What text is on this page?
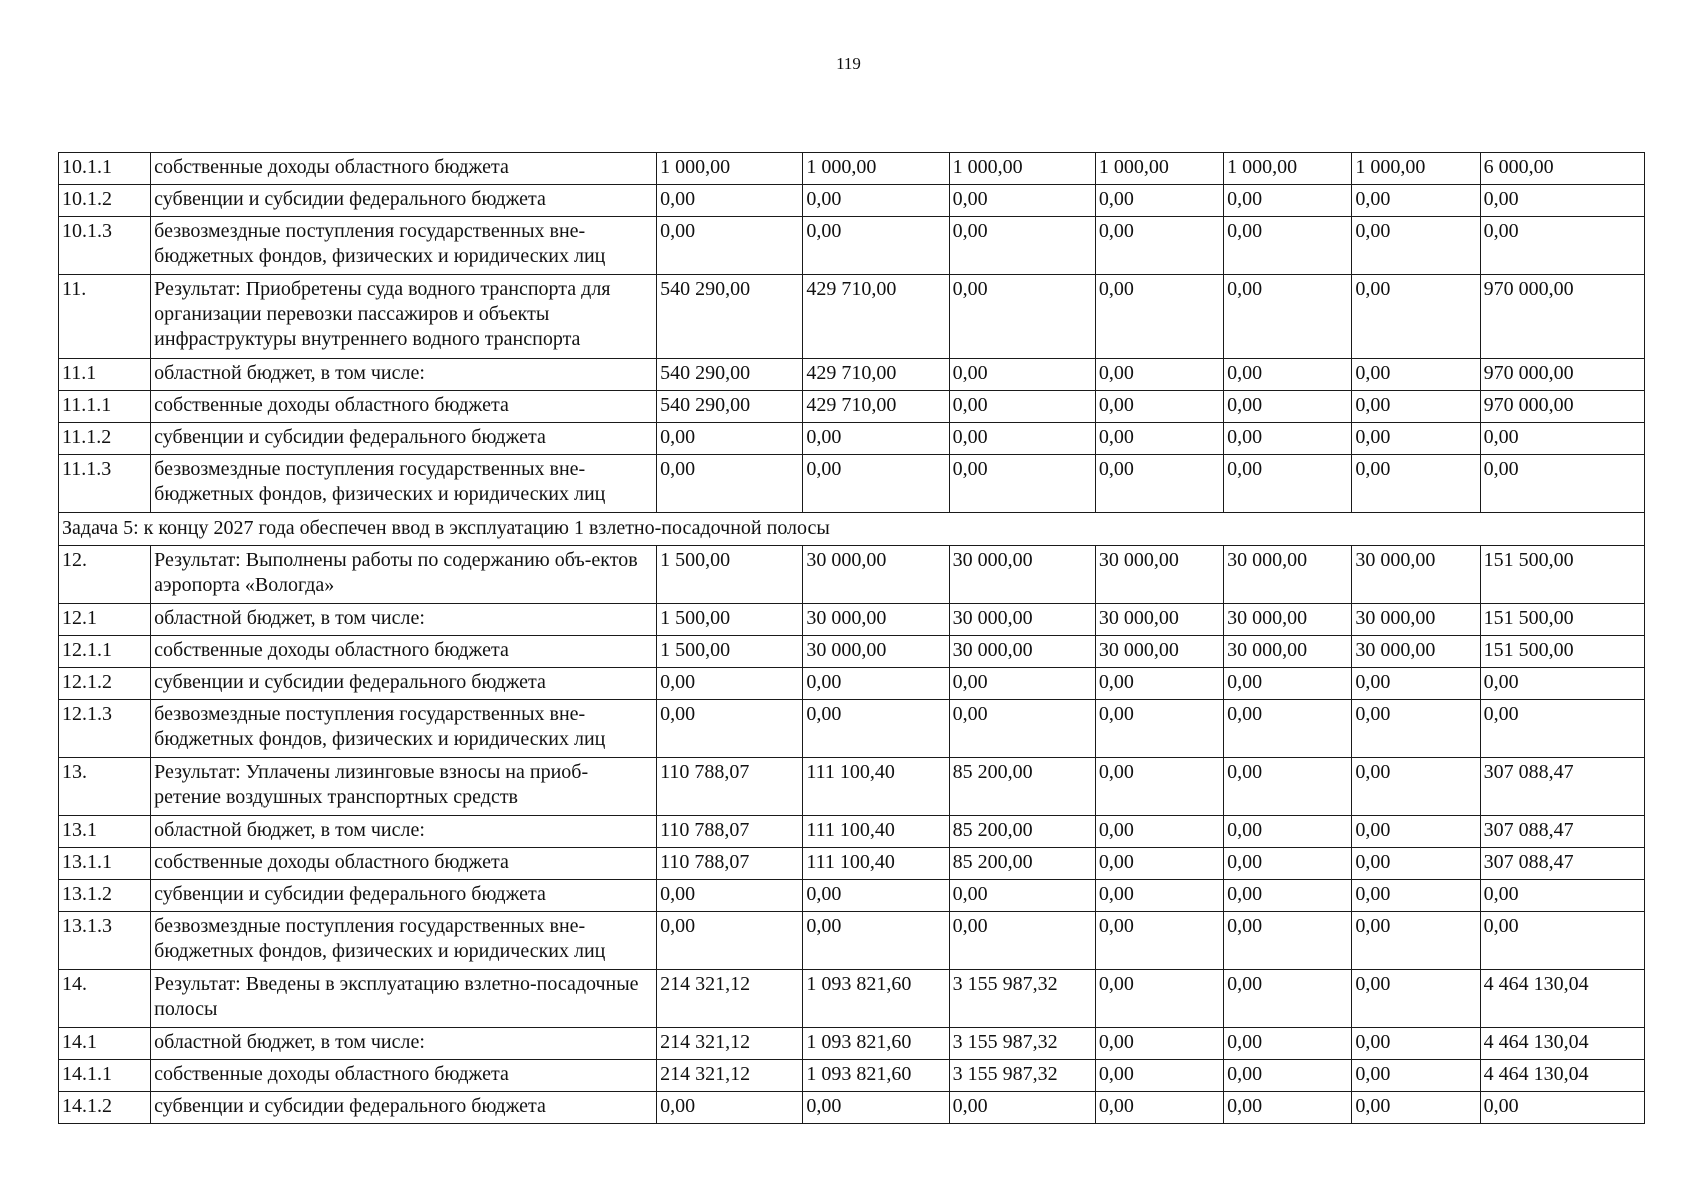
119
10.1.1	собственные доходы областного бюджета	1 000,00	1 000,00	1 000,00	1 000,00	1 000,00	1 000,00	6 000,00
10.1.2	субвенции и субсидии федерального бюджета	0,00	0,00	0,00	0,00	0,00	0,00	0,00
10.1.3	безвозмездные поступления государственных вне-бюджетных фондов, физических и юридических лиц	0,00	0,00	0,00	0,00	0,00	0,00	0,00
11.	Результат: Приобретены суда водного транспорта для организации перевозки пассажиров и объекты инфраструктуры внутреннего водного транспорта	540 290,00	429 710,00	0,00	0,00	0,00	0,00	970 000,00
11.1	областной бюджет, в том числе:	540 290,00	429 710,00	0,00	0,00	0,00	0,00	970 000,00
11.1.1	собственные доходы областного бюджета	540 290,00	429 710,00	0,00	0,00	0,00	0,00	970 000,00
11.1.2	субвенции и субсидии федерального бюджета	0,00	0,00	0,00	0,00	0,00	0,00	0,00
11.1.3	безвозмездные поступления государственных вне-бюджетных фондов, физических и юридических лиц	0,00	0,00	0,00	0,00	0,00	0,00	0,00
Задача 5: к концу 2027 года обеспечен ввод в эксплуатацию 1 взлетно-посадочной полосы								
12.	Результат: Выполнены работы по содержанию объ-ектов аэропорта «Вологда»	1 500,00	30 000,00	30 000,00	30 000,00	30 000,00	30 000,00	151 500,00
12.1	областной бюджет, в том числе:	1 500,00	30 000,00	30 000,00	30 000,00	30 000,00	30 000,00	151 500,00
12.1.1	собственные доходы областного бюджета	1 500,00	30 000,00	30 000,00	30 000,00	30 000,00	30 000,00	151 500,00
12.1.2	субвенции и субсидии федерального бюджета	0,00	0,00	0,00	0,00	0,00	0,00	0,00
12.1.3	безвозмездные поступления государственных вне-бюджетных фондов, физических и юридических лиц	0,00	0,00	0,00	0,00	0,00	0,00	0,00
13.	Результат: Уплачены лизинговые взносы на приоб-ретение воздушных транспортных средств	110 788,07	111 100,40	85 200,00	0,00	0,00	0,00	307 088,47
13.1	областной бюджет, в том числе:	110 788,07	111 100,40	85 200,00	0,00	0,00	0,00	307 088,47
13.1.1	собственные доходы областного бюджета	110 788,07	111 100,40	85 200,00	0,00	0,00	0,00	307 088,47
13.1.2	субвенции и субсидии федерального бюджета	0,00	0,00	0,00	0,00	0,00	0,00	0,00
13.1.3	безвозмездные поступления государственных вне-бюджетных фондов, физических и юридических лиц	0,00	0,00	0,00	0,00	0,00	0,00	0,00
14.	Результат: Введены в эксплуатацию взлетно-посадочные полосы	214 321,12	1 093 821,60	3 155 987,32	0,00	0,00	0,00	4 464 130,04
14.1	областной бюджет, в том числе:	214 321,12	1 093 821,60	3 155 987,32	0,00	0,00	0,00	4 464 130,04
14.1.1	собственные доходы областного бюджета	214 321,12	1 093 821,60	3 155 987,32	0,00	0,00	0,00	4 464 130,04
14.1.2	субвенции и субсидии федерального бюджета	0,00	0,00	0,00	0,00	0,00	0,00	0,00
